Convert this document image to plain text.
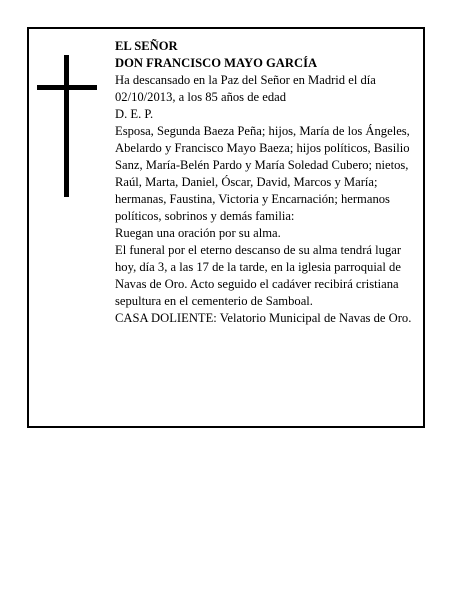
EL SEÑOR

DON FRANCISCO MAYO GARCÍA

Ha descansado en la Paz del Señor en Madrid el día 02/10/2013, a los 85 años de edad

D. E. P.

Esposa, Segunda Baeza Peña; hijos, María de los Ángeles, Abelardo y Francisco Mayo Baeza; hijos políticos, Basilio Sanz, María-Belén Pardo y María Soledad Cubero; nietos, Raúl, Marta, Daniel, Óscar, David, Marcos y María; hermanas, Faustina, Victoria y Encarnación; hermanos políticos, sobrinos y demás familia:

Ruegan una oración por su alma.

El funeral por el eterno descanso de su alma tendrá lugar hoy, día 3, a las 17 de la tarde, en la iglesia parroquial de Navas de Oro. Acto seguido el cadáver recibirá cristiana sepultura en el cementerio de Samboal.

CASA DOLIENTE: Velatorio Municipal de Navas de Oro.
